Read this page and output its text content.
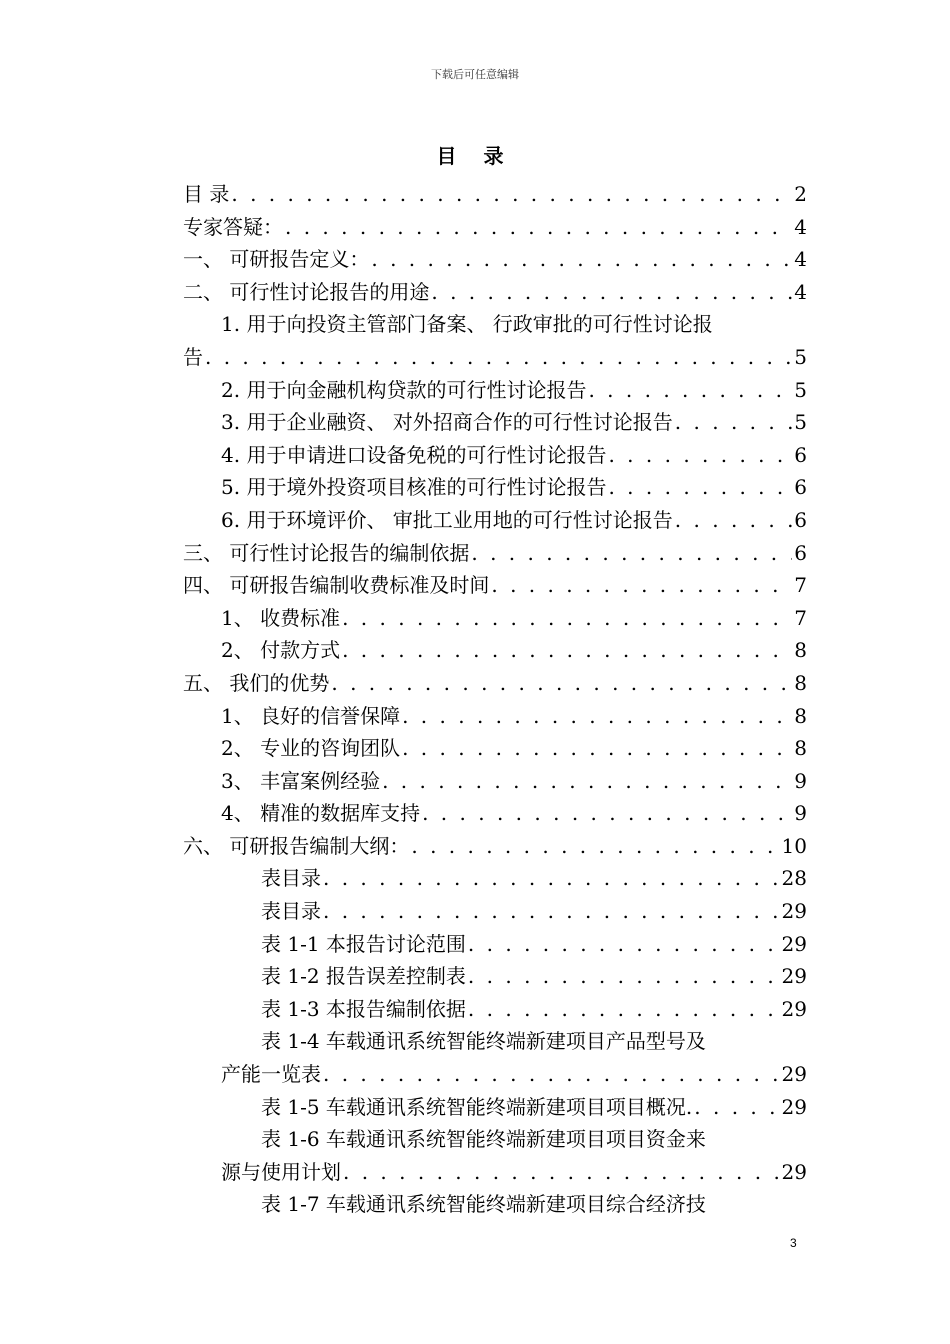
下载后可任意编辑
目 录
目 录 . . .	2
专家答疑： . . .	4
一、 可研报告定义： . . .	4
二、 可行性讨论报告的用途 . . .	4
1. 用于向投资主管部门备案、 行政审批的可行性讨论报
告 . . .	5
2. 用于向金融机构贷款的可行性讨论报告 . . .	5
3. 用于企业融资、 对外招商合作的可行性讨论报告 . . .	5
4. 用于申请进口设备免税的可行性讨论报告 . . .	6
5. 用于境外投资项目核准的可行性讨论报告 . . .	6
6. 用于环境评价、 审批工业用地的可行性讨论报告 . . .	6
三、 可行性讨论报告的编制依据 . . .	6
四、 可研报告编制收费标准及时间 . . .	7
1、 收费标准 . . .	7
2、 付款方式 . . .	8
五、 我们的优势 . . .	8
1、 良好的信誉保障 . . .	8
2、 专业的咨询团队 . . .	8
3、 丰富案例经验 . . .	9
4、 精准的数据库支持 . . .	9
六、 可研报告编制大纲： . . .	10
表目录 . . .	28
表目录 . . .	29
表 1-1 本报告讨论范围 . . .	29
表 1-2 报告误差控制表 . . .	29
表 1-3 本报告编制依据 . . .	29
表 1-4 车载通讯系统智能终端新建项目产品型号及
产能一览表 . . .	29
表 1-5 车载通讯系统智能终端新建项目项目概况. . . .	29
表 1-6 车载通讯系统智能终端新建项目项目资金来
源与使用计划 . . .	29
表 1-7 车载通讯系统智能终端新建项目综合经济技
3
